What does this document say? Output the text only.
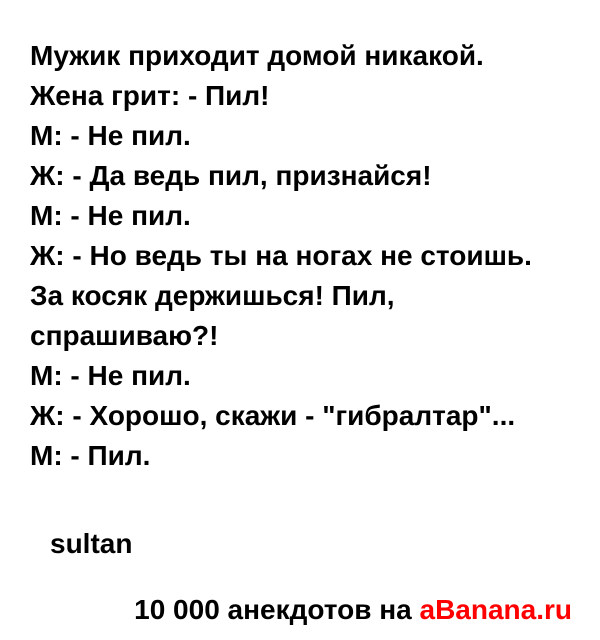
Мужик приходит домой никакой.
Жена грит: - Пил!
М: - Не пил.
Ж: - Да ведь пил, признайся!
М: - Не пил.
Ж: - Но ведь ты на ногах не стоишь.
За косяк держишься! Пил,
спрашиваю?!
М: - Не пил.
Ж: - Хорошо, скажи - "гибралтар"...
М: - Пил.
sultan
10 000 анекдотов на aBanana.ru
